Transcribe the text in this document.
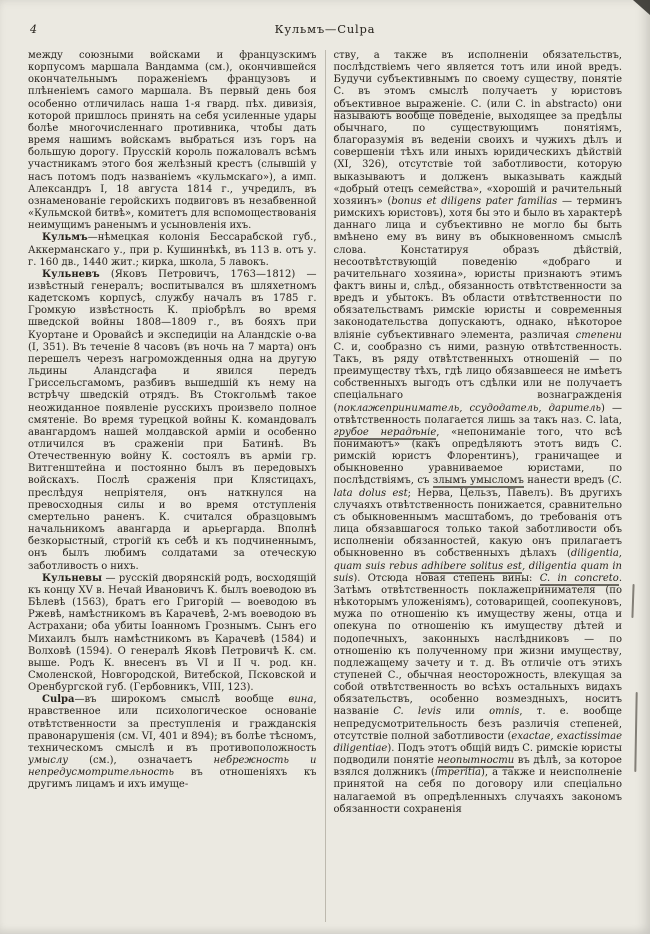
4	Кульмъ—Culpa

между союзными войсками и французскимъ корпусомъ маршала Вандамма (см.), окончившейся окончательнымъ пораженіемъ французовъ и плѣненіемъ самого маршала. Въ первый день боя особенно отличилась наша 1-я гвард. пѣх. дивизія, которой пришлось принять на себя усиленные удары болѣе многочисленнаго противника, чтобы дать время нашимъ войскамъ выбраться изъ горъ на большую дорогу. Прусскій король пожаловалъ всѣмъ участникамъ этого боя желѣзный крестъ (слывшій у насъ потомъ подъ названіемъ «кульмскаго»), а имп. Александръ I, 18 августа 1814 г., учредилъ, въ ознаменованіе геройскихъ подвиговъ въ незабвенной «Кульмской битвѣ», комитетъ для вспомоществованія неимущимъ раненымъ и усыновленія ихъ.

Кульмъ—нѣмецкая колонія Бессарабской губ., Аккерманскаго у., при р. Кушиннѣкѣ, въ 113 в. отъ у. г. 160 дв., 1440 жит.; кирка, школа, 5 лавокъ.

Кульневъ (Яковъ Петровичъ, 1763—1812) — извѣстный генералъ; воспитывался въ шляхетномъ кадетскомъ корпусѣ, службу началъ въ 1785 г. Громкую извѣстность К. пріобрѣлъ во время шведской войны 1808—1809 г., въ бояхъ при Куортане и Оровайсѣ и экспедиціи на Аландскіе о-ва (I, 351). Въ теченіе 8 часовъ (въ ночь на 7 марта) онъ перешелъ черезъ нагроможденныя одна на другую льдины Аландсгафа и явился передъ Гриссельсгамомъ, разбивъ вышедшій къ нему на встрѣчу шведскій отрядъ. Въ Стокгольмѣ такое неожиданное появленіе русскихъ произвело полное смятеніе. Во время турецкой войны К. командовалъ авангардомъ нашей молдавской арміи и особенно отличился въ сраженіи при Батинѣ. Въ Отечественную войну К. состоялъ въ арміи гр. Витгенштейна и постоянно былъ въ передовыхъ войскахъ. Послѣ сраженія при Клястицахъ, преслѣдуя непріятеля, онъ наткнулся на превосходныя силы и во время отступленія смертельно раненъ. К. считался образцовымъ начальникомъ авангарда и арьергарда. Вполнѣ безкорыстный, строгій къ себѣ и къ подчиненнымъ, онъ былъ любимъ солдатами за отеческую заботливость о нихъ.

Кульневы — русскій дворянскій родъ, восходящій къ концу XV в. Нечай Ивановичъ К. былъ воеводою въ Бѣлевѣ (1563), братъ его Григорій — воеводою въ Ржевѣ, намѣстникомъ въ Карачевѣ, 2-мъ воеводою въ Астрахани; оба убиты Іоанномъ Грознымъ. Сынъ его Михаилъ былъ намѣстникомъ въ Карачевѣ (1584) и Волховѣ (1594). О генералѣ Яковѣ Петровичѣ К. см. выше. Родъ К. внесенъ въ VI и II ч. род. кн. Смоленской, Новгородской, Витебской, Псковской и Оренбургской губ. (Гербовникъ, VIII, 123).

Culpa—въ широкомъ смыслѣ вообще вина, нравственное или психологическое основаніе отвѣтственности за преступленія и гражданскія правонарушенія (см. VI, 401 и 894); въ болѣе тѣсномъ, техническомъ смыслѣ и въ противоположность умыслу (см.), означаетъ небрежность и непредусмотрительность въ отношеніяхъ къ другимъ лицамъ и ихъ имуще-

ству, а также въ исполненіи обязательствъ, послѣдствіемъ чего является тотъ или иной вредъ. Будучи субъективнымъ по своему существу, понятіе С. въ этомъ смыслѣ получаетъ у юристовъ объективное выраженіе. С. (или C. in abstracto) они называютъ вообще поведеніе, выходящее за предѣлы обычнаго, по существующимъ понятіямъ, благоразумія въ веденіи своихъ и чужихъ дѣлъ и совершеніи тѣхъ или иныхъ юридическихъ дѣйствій (XI, 326), отсутствіе той заботливости, которую выказываютъ и долженъ выказывать каждый «добрый отецъ семейства», «хорошій и рачительный хозяинъ» (bonus et diligens pater familias — терминъ римскихъ юристовъ), хотя бы это и было въ характерѣ даннаго лица и субъективно не могло бы быть вмѣнено ему въ вину въ обыкновенномъ смыслѣ слова. Констатируя образъ дѣйствій, несоотвѣтствующій поведенію «добраго и рачительнаго хозяина», юристы признаютъ этимъ фактъ вины и, слѣд., обязанность отвѣтственности за вредъ и убытокъ. Въ области отвѣтственности по обязательствамъ римскіе юристы и современныя законодательства допускаютъ, однако, нѣкоторое вліяніе субъективнаго элемента, различая степени С. и, сообразно съ ними, разную отвѣтственность. Такъ, въ ряду отвѣтственныхъ отношеній — по преимуществу тѣхъ, гдѣ лицо обязавшееся не имѣетъ собственныхъ выгодъ отъ сдѣлки или не получаетъ спеціальнаго вознагражденія (поклажеприниматель, ссудодатель, даритель) — отвѣтственность полагается лишь за такъ наз. C. lata, грубое нерадѣніе, «непониманіе того, что всѣ понимаютъ» (какъ опредѣляютъ этотъ видъ С. римскій юристъ Флорентинъ), граничащее и обыкновенно уравниваемое юристами, по послѣдствіямъ, съ злымъ умысломъ нанести вредъ (C. lata dolus est; Нерва, Цельзъ, Павелъ). Въ другихъ случаяхъ отвѣтственность понижается, сравнительно съ обыкновеннымъ масштабомъ, до требованія отъ лица обязавшагося только такой заботливости объ исполненіи обязанностей, какую онъ прилагаетъ обыкновенно въ собственныхъ дѣлахъ (diligentia, quam suis rebus adhibere solitus est, diligentia quam in suis). Отсюда новая степень вины: C. in concreto. Затѣмъ отвѣтственность поклажепринимателя (по нѣкоторымъ уложеніямъ), сотоварищей, соопекуновъ, мужа по отношенію къ имуществу жены, отца и опекуна по отношенію къ имуществу дѣтей и подопечныхъ, законныхъ наслѣдниковъ — по отношенію къ полученному при жизни имуществу, подлежащему зачету и т. д. Въ отличіе отъ этихъ ступеней С., обычная неосторожность, влекущая за собой отвѣтственность во всѣхъ остальныхъ видахъ обязательствъ, особенно возмездныхъ, носитъ названіе C. levis или omnis, т. е. вообще непредусмотрительность безъ различія степеней, отсутствіе полной заботливости (exactae, exactissimae diligentiae). Подъ этотъ общій видъ С. римскіе юристы подводили понятіе неопытности въ дѣлѣ, за которое взялся должникъ (imperitia), а также и неисполненіе принятой на себя по договору или спеціально налагаемой въ опредѣленныхъ случаяхъ закономъ обязанности сохраненія
